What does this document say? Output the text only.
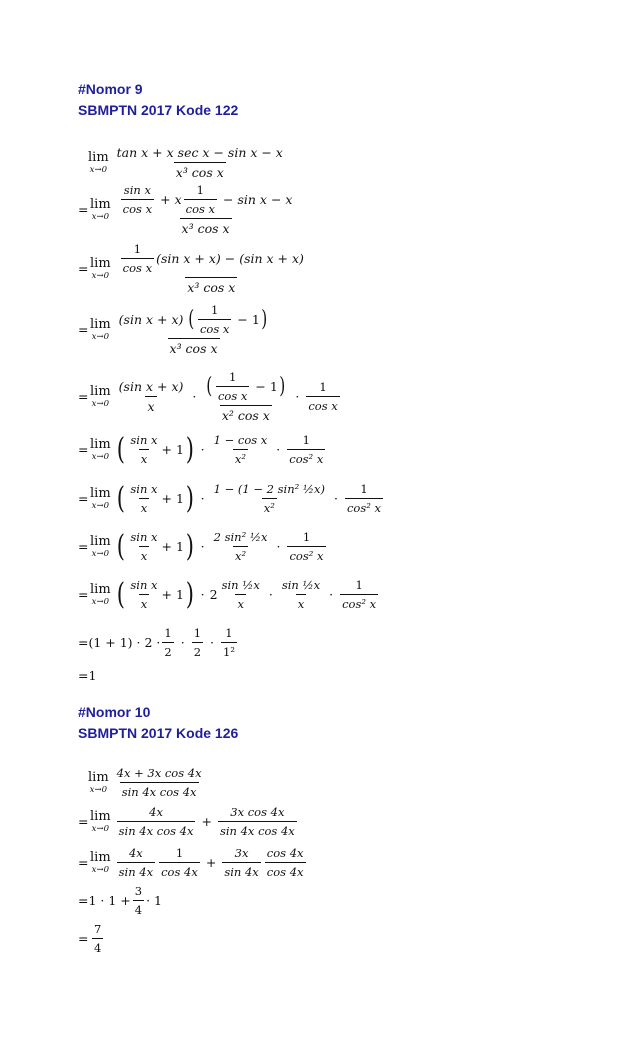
#Nomor 9

SBMPTN 2017 Kode 122

lim
$x\to 0 \frac{\text{tan x + x sec x − sin x − x}}{\text{x³ cos x}}$
= lim
$x\to 0 \frac{\frac{\text{sin x}}{\text{cos x}} + x \frac{1}{\text{cos x}} - \sin x - x}{\text{x³ cos x}}$
= lim
$x\to 0 \frac{\frac{1}{\text{cos x}} (\sin x + x) - (\sin x + x)}{\text{x³ cos x}}$
= lim
$x\to 0 \frac{(\sin x + x) ( \frac{1}{\text{cos x}} - 1 )}{\text{x³ cos x}}$
= lim
$x\to 0 \frac{\text{(sin x + x)}}{x} \cdot \frac{( \frac{1}{\text{cos x}} - 1 )}{\text{x² cos x}} \cdot \frac{1}{\text{cos x}}$
= lim
x→0 ( $\frac{\text{sin x}}{x} + 1$ ) · $\frac{\text{1 − cos x}}{\text{x²}} \cdot \frac{1}{\text{cos² x}}$
= lim
x→0 ( $\frac{\text{sin x}}{x} + 1$ ) · $\frac{\text{1 − (1 − 2 sin² ½x)}}{\text{x²}} \cdot \frac{1}{\text{cos² x}}$
= lim
x→0 ( $\frac{\text{sin x}}{x} + 1$ ) · $\frac{\text{2 sin² ½x}}{\text{x²}} \cdot \frac{1}{\text{cos² x}}$
= lim
x→0 ( $\frac{\text{sin x}}{x} + 1$ ) · $2 \frac{\text{sin ½x}}{x} \cdot \frac{\text{sin ½x}}{x} \cdot \frac{1}{\text{cos² x}}$
$=(1 + 1) \cdot 2 \cdot \frac{1}{2} \cdot \frac{1}{2} \cdot \frac{1}{\text{1²}}$
=1

#Nomor 10

SBMPTN 2017 Kode 126

lim
$x\to 0 \frac{\text{4x + 3x cos 4x}}{\text{sin 4x cos 4x}}$
= lim
$x\to 0 \frac{4x}{\text{sin 4x cos 4x}} + \frac{\text{3x cos 4x}}{\text{sin 4x cos 4x}}$
= lim
$x\to 0 \frac{4x}{\sin 4x} \frac{1}{\cos 4x} + \frac{3x}{\sin 4x} \frac{\cos 4x}{\cos 4x}$
$=1 \cdot 1 + \frac{3}{4} \cdot 1$
= $\frac{7}{4}$
